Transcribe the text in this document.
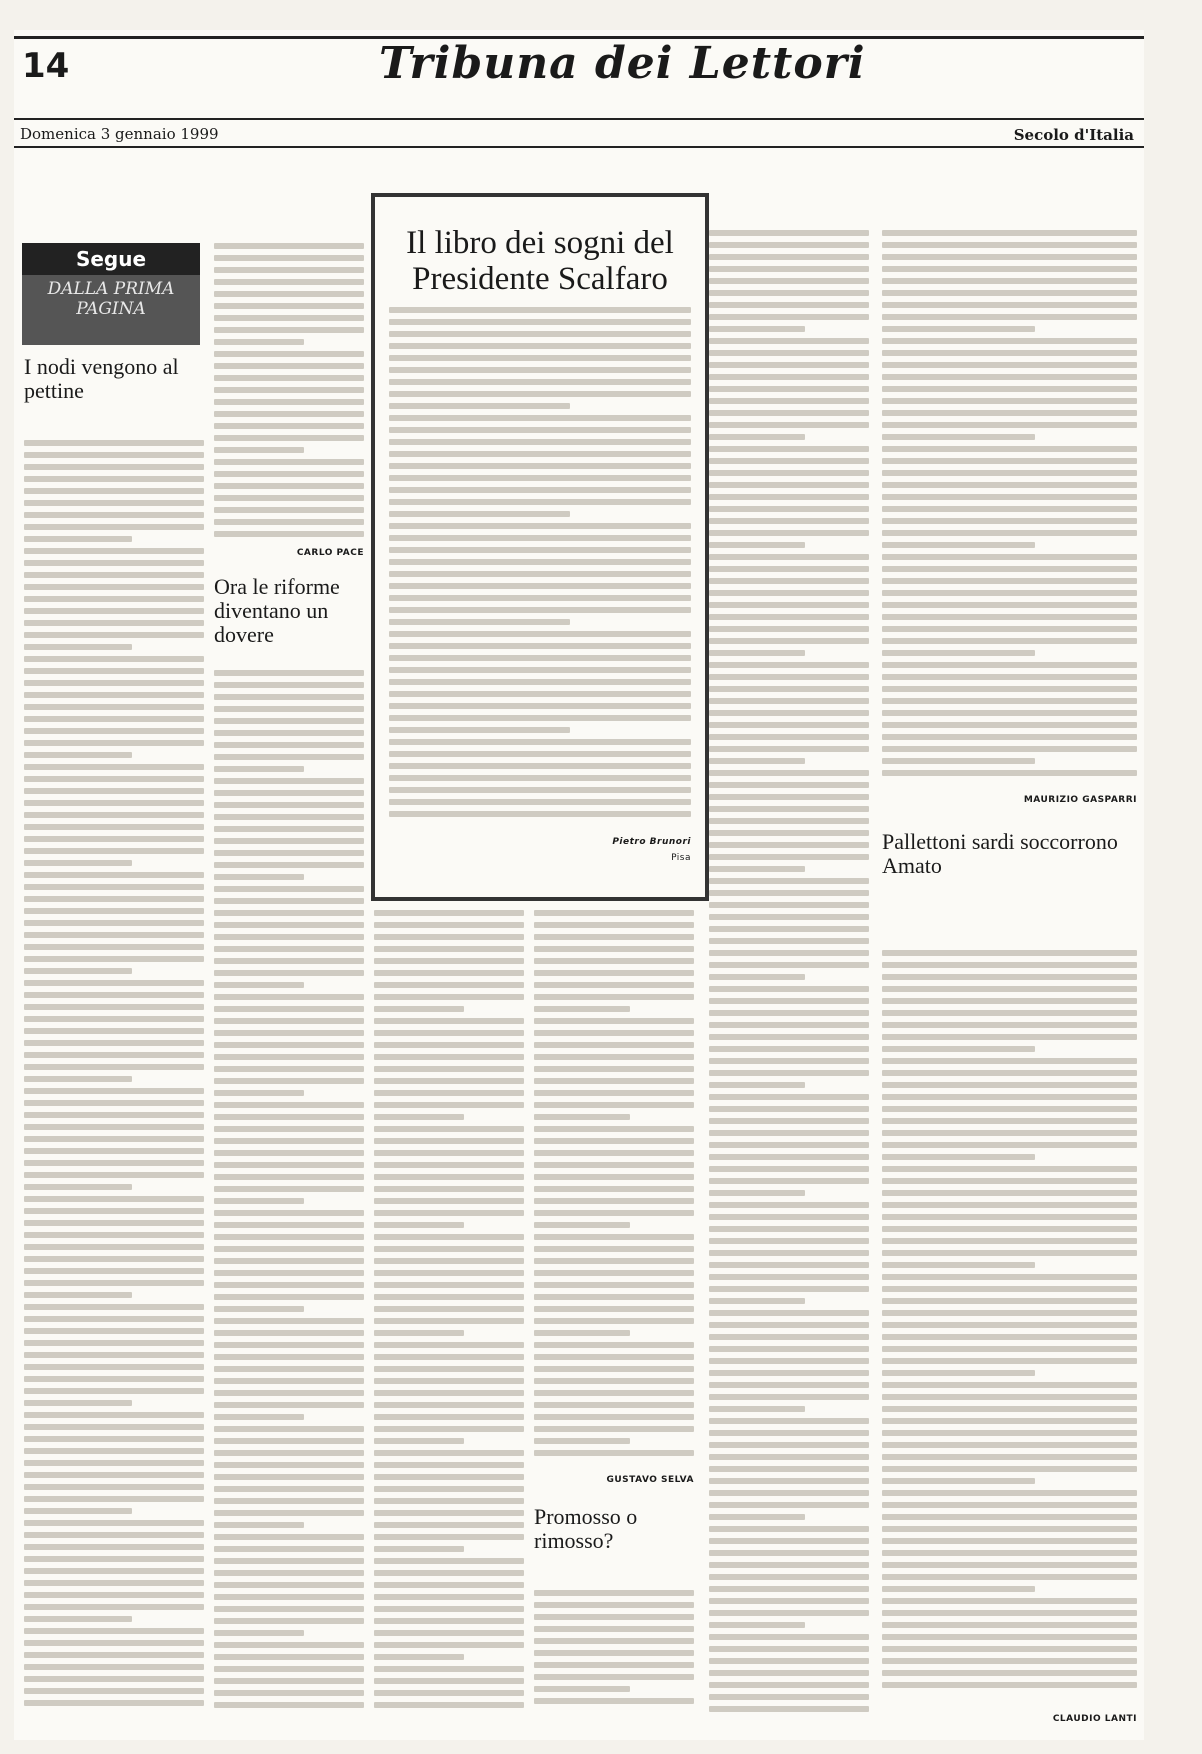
14	Tribuna dei Lettori
Domenica 3 gennaio 1999	Secolo d'Italia
Segue
DALLA PRIMA PAGINA
I nodi vengono al pettine
CARLO PACE
Ora le riforme diventano un dovere
Il libro dei sogni del Presidente Scalfaro
Pietro Brunori
Pisa
GUSTAVO SELVA
Promosso o rimosso?
MAURIZIO GASPARRI
Pallettoni sardi soccorrono Amato
CLAUDIO LANTI
